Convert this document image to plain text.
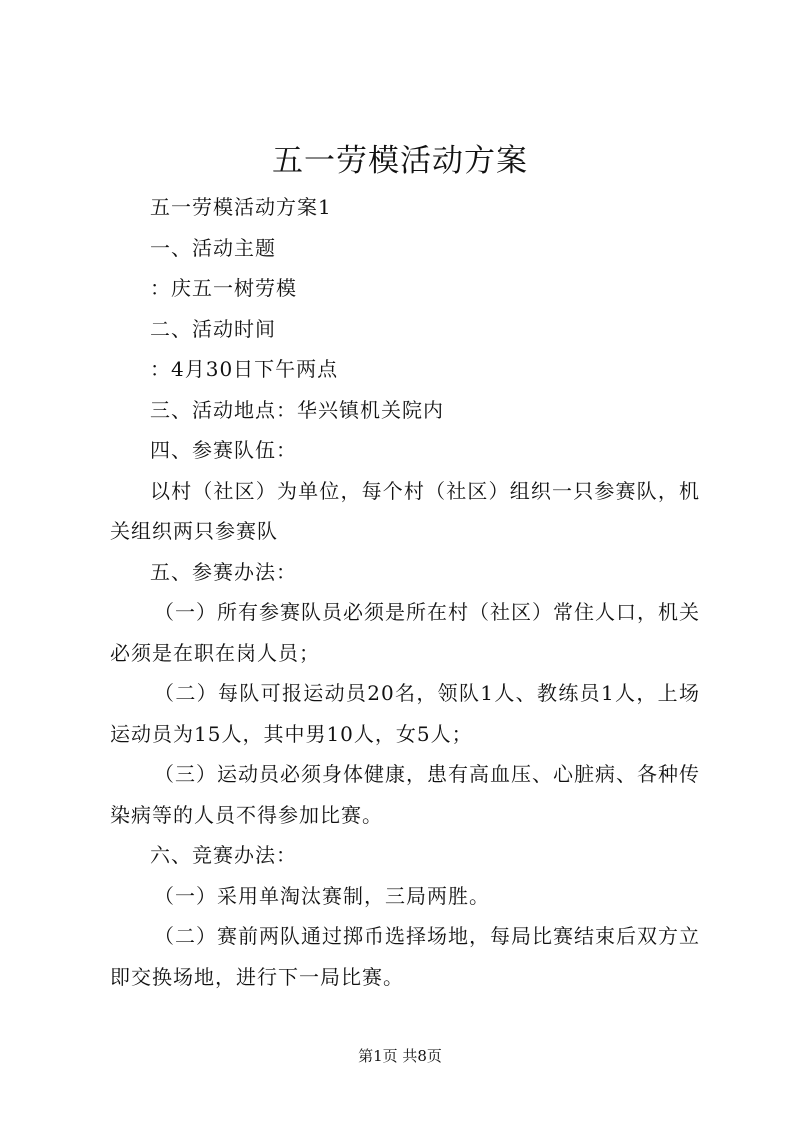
五一劳模活动方案

五一劳模活动方案1

一、活动主题

：庆五一树劳模

二、活动时间

：4月30日下午两点

三、活动地点：华兴镇机关院内

四、参赛队伍：

以村（社区）为单位，每个村（社区）组织一只参赛队，机关组织两只参赛队

五、参赛办法：

（一）所有参赛队员必须是所在村（社区）常住人口，机关必须是在职在岗人员；

（二）每队可报运动员20名，领队1人、教练员1人，上场运动员为15人，其中男10人，女5人；

（三）运动员必须身体健康，患有高血压、心脏病、各种传染病等的人员不得参加比赛。

六、竞赛办法：

（一）采用单淘汰赛制，三局两胜。

（二）赛前两队通过掷币选择场地，每局比赛结束后双方立即交换场地，进行下一局比赛。

第1页 共8页
